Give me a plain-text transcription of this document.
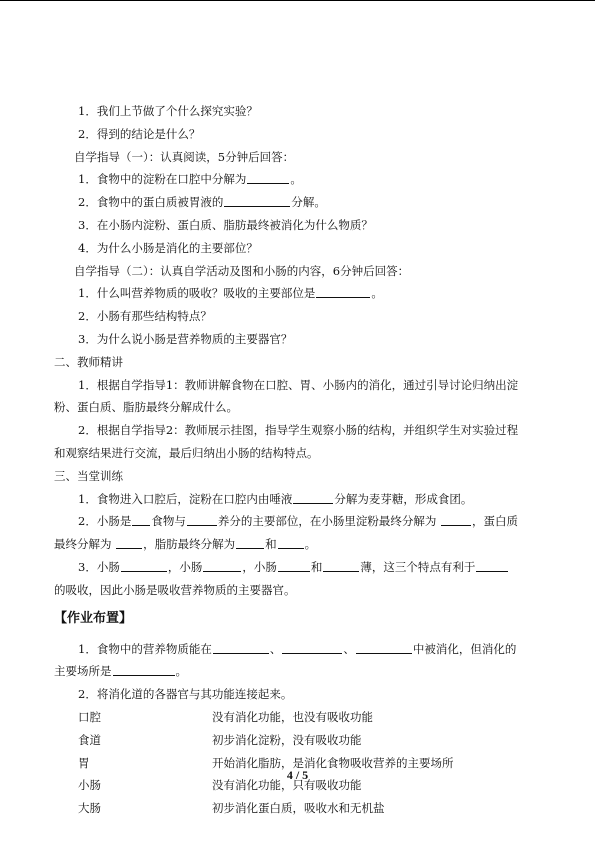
1．我们上节做了个什么探究实验？
2．得到的结论是什么？
自学指导（一）：认真阅读，5分钟后回答：
1．食物中的淀粉在口腔中分解为	。
2．食物中的蛋白质被胃液的	分解。
3．在小肠内淀粉、蛋白质、脂肪最终被消化为什么物质？
4．为什么小肠是消化的主要部位？
自学指导（二）：认真自学活动及图和小肠的内容，6分钟后回答：
1．什么叫营养物质的吸收？吸收的主要部位是	。
2．小肠有那些结构特点？
3．为什么说小肠是营养物质的主要器官？
二、教师精讲
1．根据自学指导1：教师讲解食物在口腔、胃、小肠内的消化，通过引导讨论归纳出淀
粉、蛋白质、脂肪最终分解成什么。
2．根据自学指导2：教师展示挂图，指导学生观察小肠的结构，并组织学生对实验过程
和观察结果进行交流，最后归纳出小肠的结构特点。
三、当堂训练
1．食物进入口腔后，淀粉在口腔内由唾液	分解为麦芽糖，形成食团。
2．小肠是 食物与	养分的主要部位，在小肠里淀粉最终分解为	，蛋白质
最终分解为	，脂肪最终分解为	和 。
3．小肠	，小肠	，小肠	和	薄，这三个特点有利于
的吸收，因此小肠是吸收营养物质的主要器官。
【作业布置】
1．食物中的营养物质能在	、	、	中被消化，但消化的
主要场所是	。
2．将消化道的各器官与其功能连接起来。
口腔	没有消化功能，也没有吸收功能
食道	初步消化淀粉，没有吸收功能
胃	开始消化脂肪，是消化食物吸收营养的主要场所
小肠	没有消化功能，只有吸收功能
大肠	初步消化蛋白质，吸收水和无机盐
4 / 5
